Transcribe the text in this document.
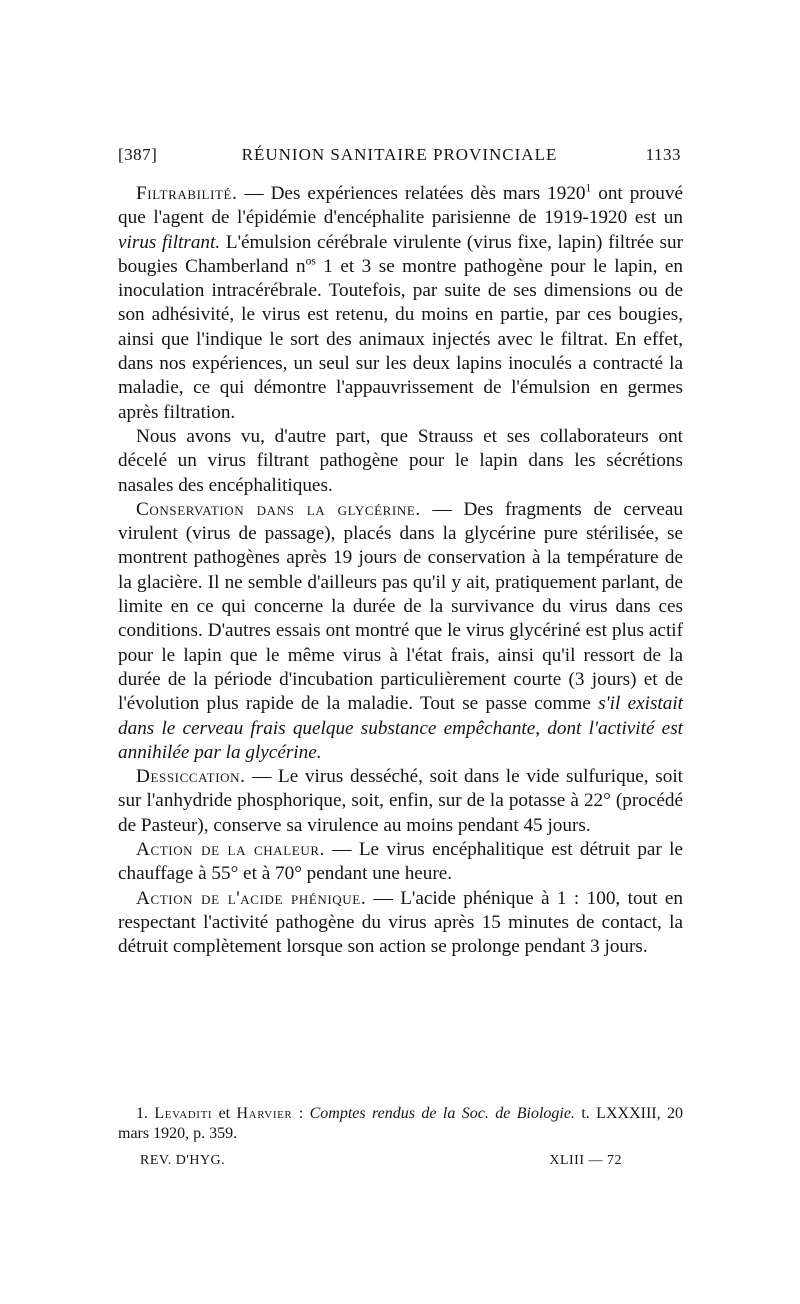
[387]	RÉUNION SANITAIRE PROVINCIALE	1133

Filtrabilité. — Des expériences relatées dès mars 1920$^1$ ont prouvé que l'agent de l'épidémie d'encéphalite parisienne de 1919-1920 est un virus filtrant. L'émulsion cérébrale virulente (virus fixe, lapin) filtrée sur bougies Chamberland $n^{os}$ 1 et 3 se montre pathogène pour le lapin, en inoculation intracérébrale. Toutefois, par suite de ses dimensions ou de son adhésivité, le virus est retenu, du moins en partie, par ces bougies, ainsi que l'indique le sort des animaux injectés avec le filtrat. En effet, dans nos expériences, un seul sur les deux lapins inoculés a contracté la maladie, ce qui démontre l'appauvrissement de l'émulsion en germes après filtration.

Nous avons vu, d'autre part, que Strauss et ses collaborateurs ont décelé un virus filtrant pathogène pour le lapin dans les sécrétions nasales des encéphalitiques.

Conservation dans la glycérine. — Des fragments de cerveau virulent (virus de passage), placés dans la glycérine pure stérilisée, se montrent pathogènes après 19 jours de conservation à la température de la glacière. Il ne semble d'ailleurs pas qu'il y ait, pratiquement parlant, de limite en ce qui concerne la durée de la survivance du virus dans ces conditions. D'autres essais ont montré que le virus glycériné est plus actif pour le lapin que le même virus à l'état frais, ainsi qu'il ressort de la durée de la période d'incubation particulièrement courte (3 jours) et de l'évolution plus rapide de la maladie. Tout se passe comme s'il existait dans le cerveau frais quelque substance empêchante, dont l'activité est annihilée par la glycérine.

Dessiccation. — Le virus desséché, soit dans le vide sulfurique, soit sur l'anhydride phosphorique, soit, enfin, sur de la potasse à 22° (procédé de Pasteur), conserve sa virulence au moins pendant 45 jours.

Action de la chaleur. — Le virus encéphalitique est détruit par le chauffage à 55° et à 70° pendant une heure.

Action de l'acide phénique. — L'acide phénique à 1 : 100, tout en respectant l'activité pathogène du virus après 15 minutes de contact, la détruit complètement lorsque son action se prolonge pendant 3 jours.

1. Levaditi et Harvier : Comptes rendus de la Soc. de Biologie. t. LXXXIII, 20 mars 1920, p. 359.

REV. D'HYG.	XLIII — 72
